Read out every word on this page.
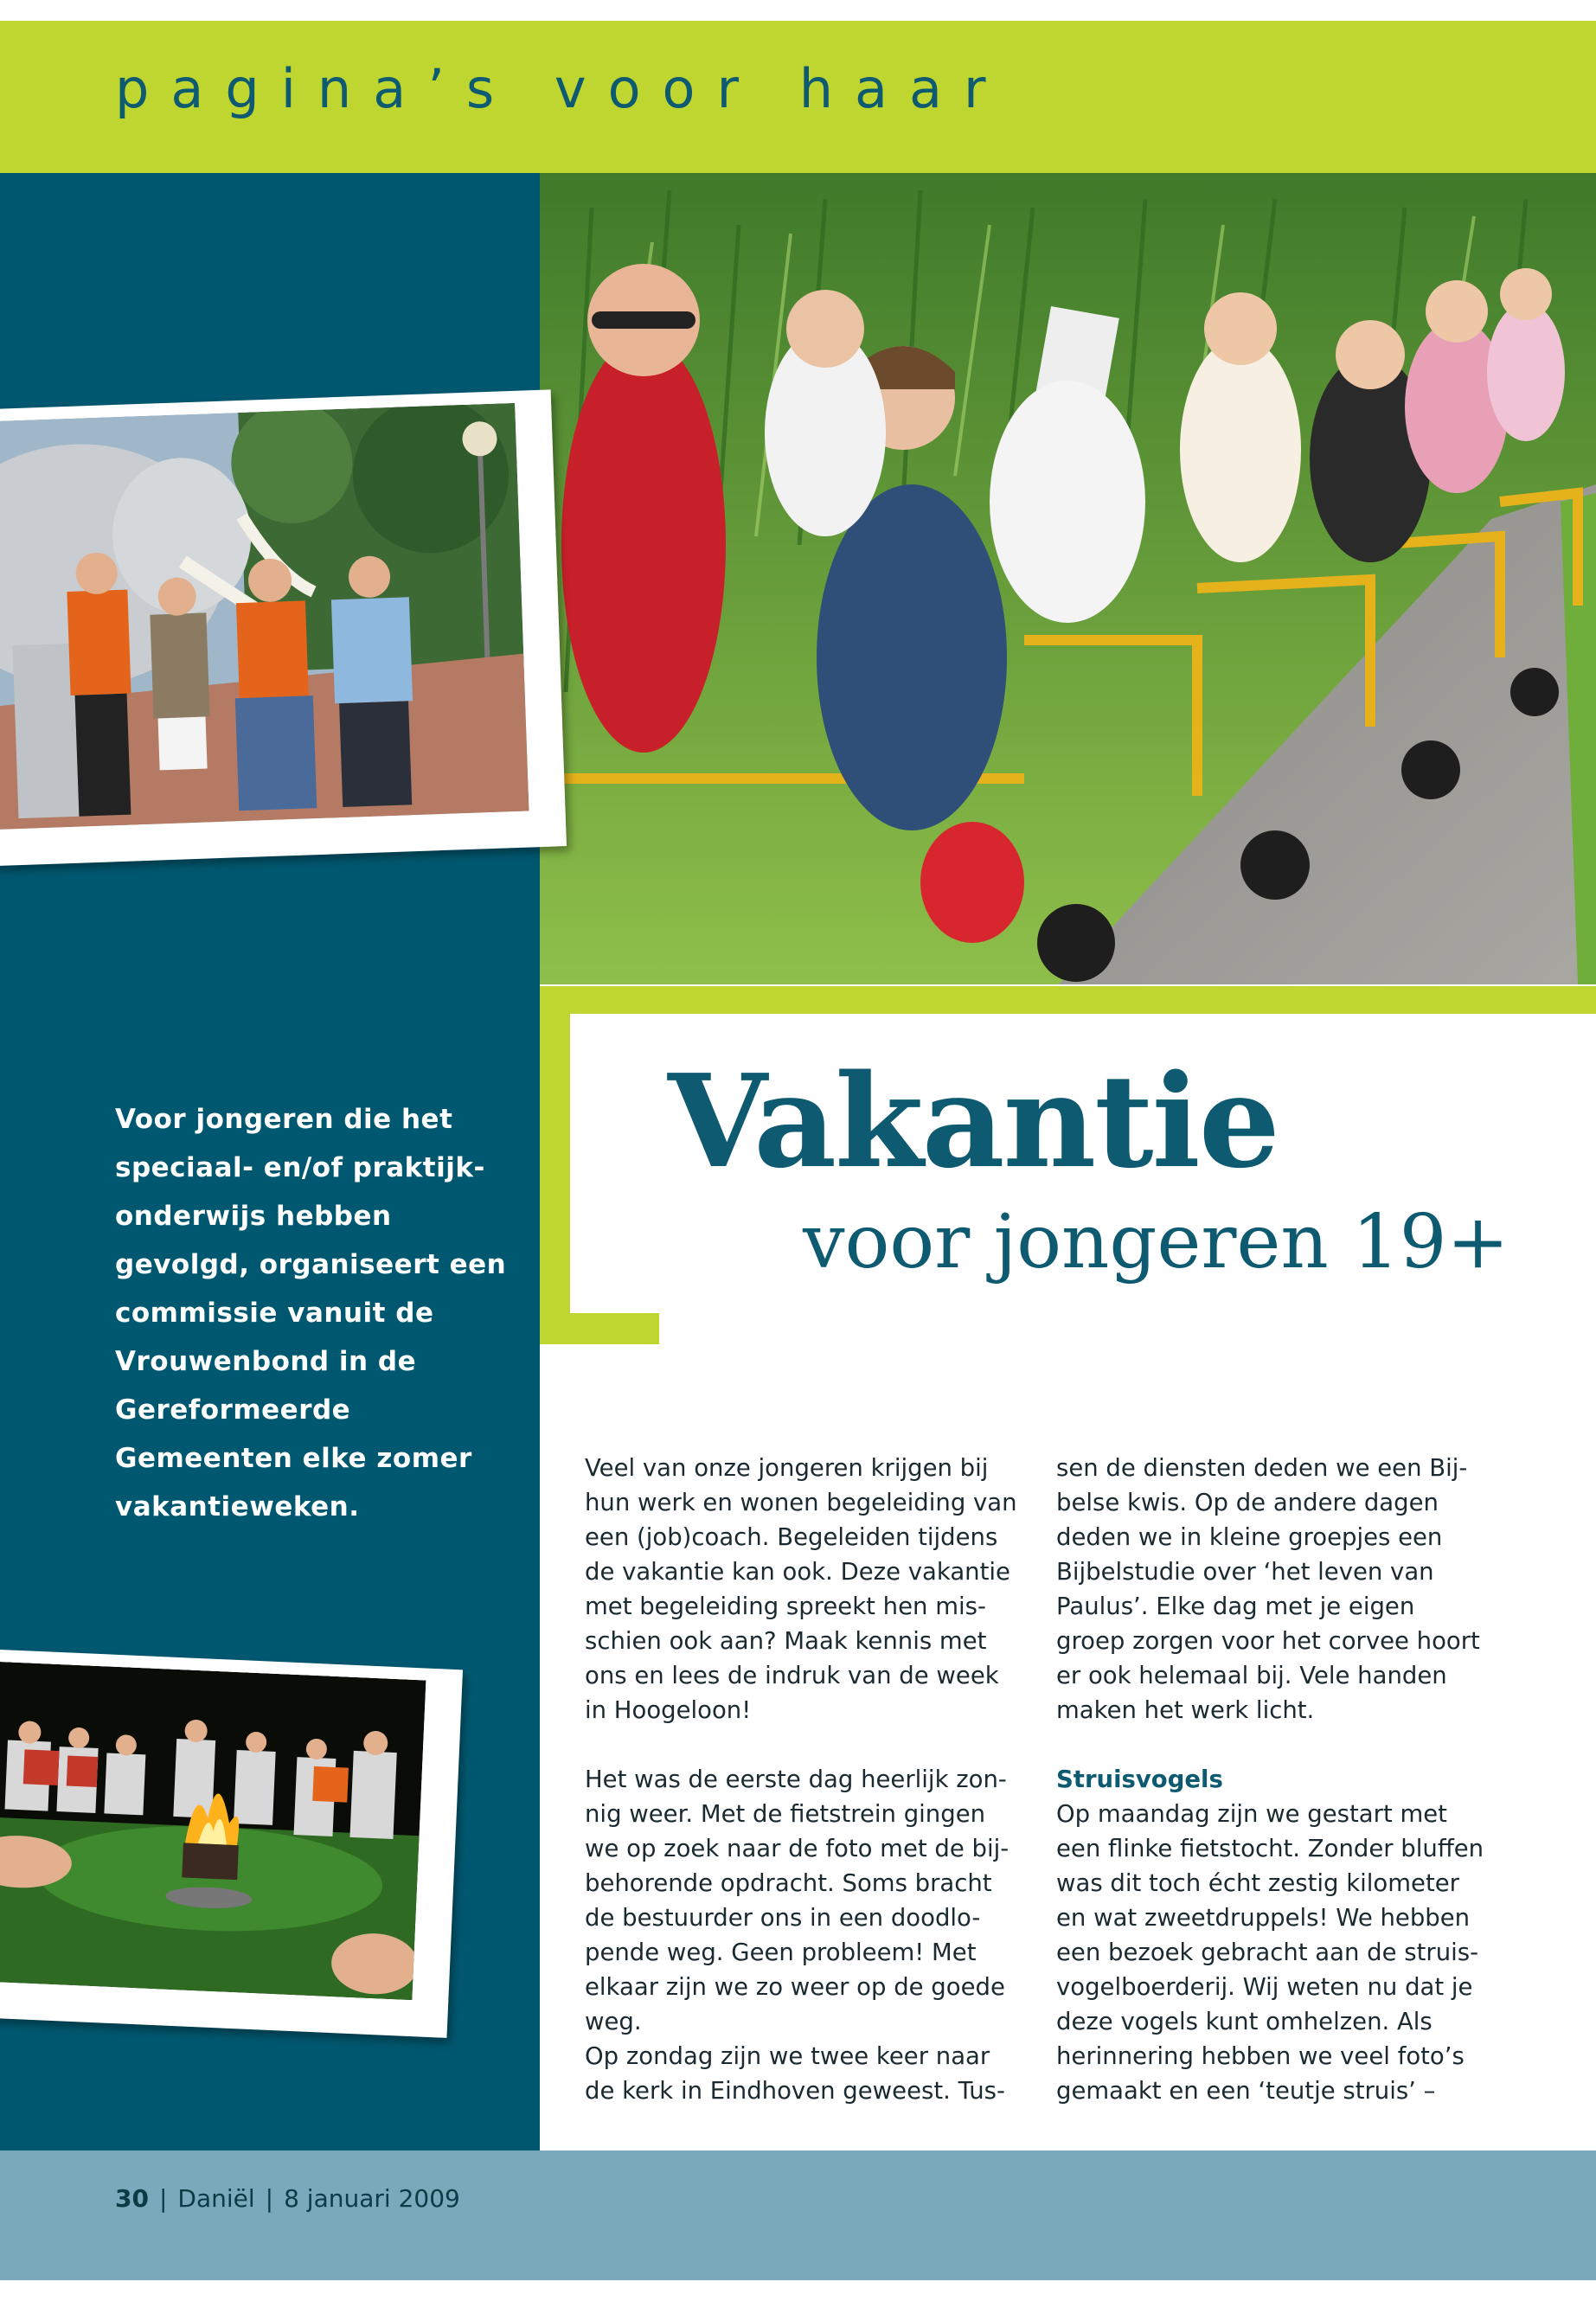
pagina’s voor haar
Vakantie
voor jongeren 19+
Voor jongeren die het speciaal- en/of praktijk-onderwijs hebben gevolgd, organiseert een commissie vanuit de Vrouwenbond in de Gereformeerde Gemeenten elke zomer vakantieweken.

Veel van onze jongeren krijgen bij
hun werk en wonen begeleiding van
een (job)coach. Begeleiden tijdens
de vakantie kan ook. Deze vakantie
met begeleiding spreekt hen mis-
schien ook aan? Maak kennis met
ons en lees de indruk van de week
in Hoogeloon!

Het was de eerste dag heerlijk zon-
nig weer. Met de fietstrein gingen
we op zoek naar de foto met de bij-
behorende opdracht. Soms bracht
de bestuurder ons in een doodlo-
pende weg. Geen probleem! Met
elkaar zijn we zo weer op de goede
weg.

Op zondag zijn we twee keer naar
de kerk in Eindhoven geweest. Tus-

sen de diensten deden we een Bij-
belse kwis. Op de andere dagen
deden we in kleine groepjes een
Bijbelstudie over ‘het leven van
Paulus’. Elke dag met je eigen
groep zorgen voor het corvee hoort
er ook helemaal bij. Vele handen
maken het werk licht.

Struisvogels

Op maandag zijn we gestart met
een flinke fietstocht. Zonder bluffen
was dit toch écht zestig kilometer
en wat zweetdruppels! We hebben
een bezoek gebracht aan de struis-
vogelboerderij. Wij weten nu dat je
deze vogels kunt omhelzen. Als
herinnering hebben we veel foto’s
gemaakt en een ‘teutje struis’ –

30 | Daniël | 8 januari 2009
